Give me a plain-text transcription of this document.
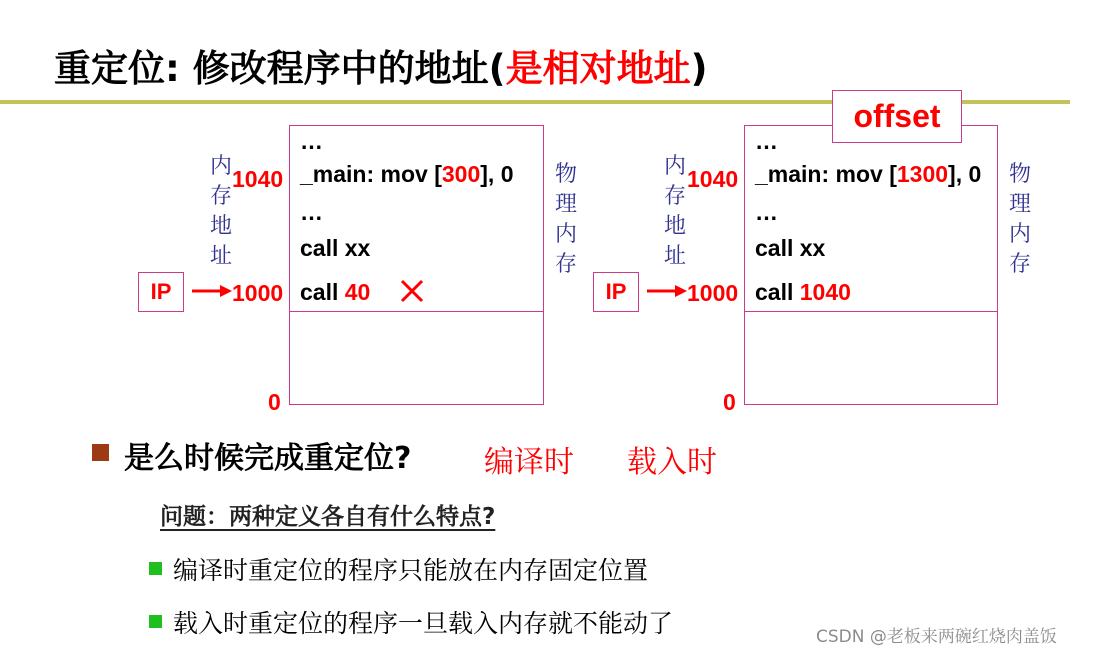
重定位: 修改程序中的地址(是相对地址)
内存地址
1040
1000
0
IP
…
_main: mov [300], 0
…
call xx
call 40
物理内存
内存地址
1040
1000
0
IP
offset
…
_main: mov [1300], 0
…
call xx
call 1040
物理内存
是么时候完成重定位? 编译时 载入时
问题：两种定义各自有什么特点?
编译时重定位的程序只能放在内存固定位置
载入时重定位的程序一旦载入内存就不能动了	CSDN @老板来两碗红烧肉盖饭
